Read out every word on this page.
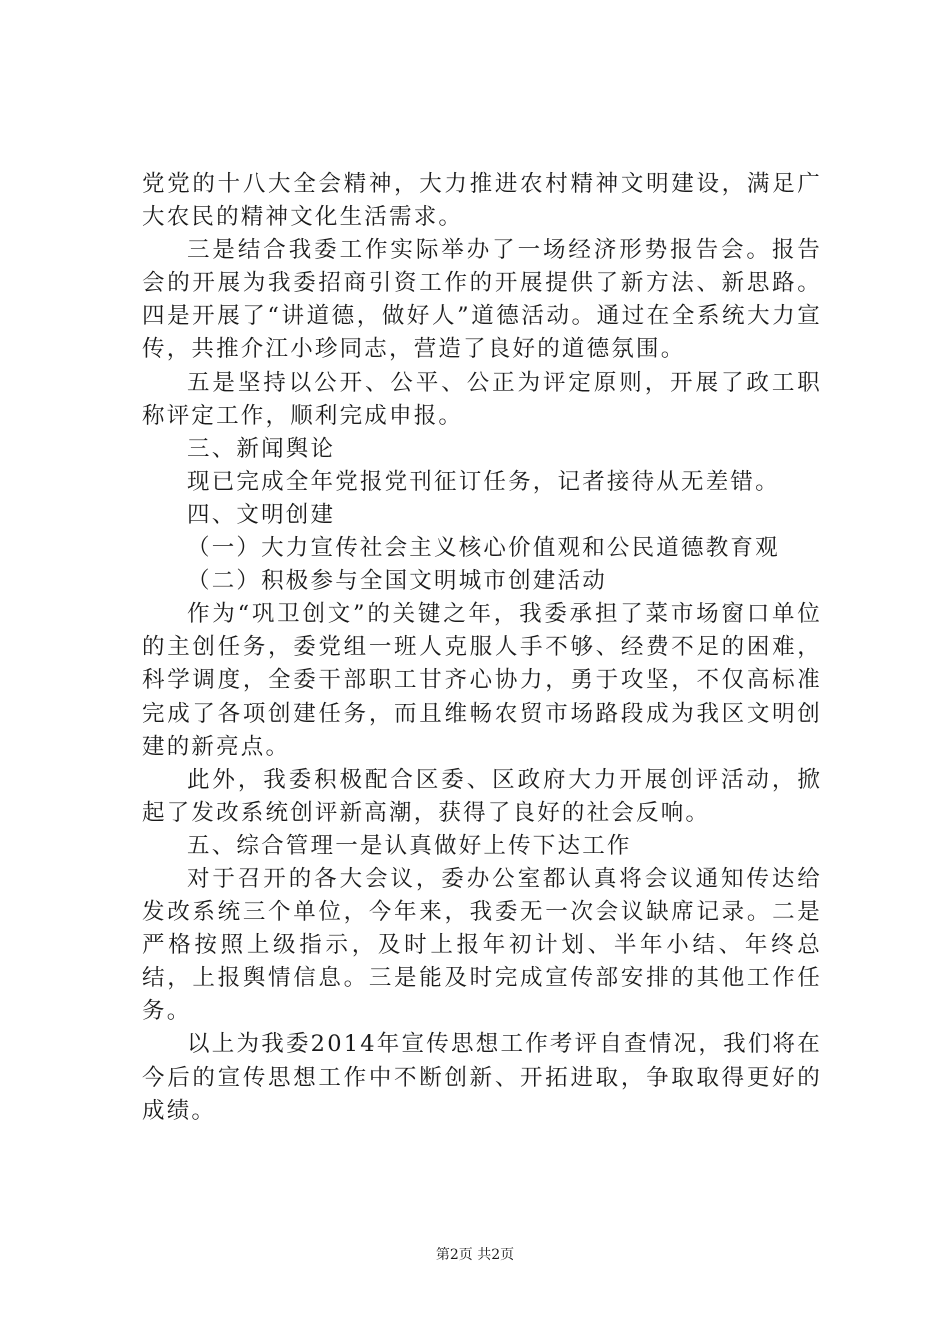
党党的十八大全会精神，大力推进农村精神文明建设，满足广大农民的精神文化生活需求。

三是结合我委工作实际举办了一场经济形势报告会。报告会的开展为我委招商引资工作的开展提供了新方法、新思路。四是开展了“讲道德，做好人”道德活动。通过在全系统大力宣传，共推介江小珍同志，营造了良好的道德氛围。

五是坚持以公开、公平、公正为评定原则，开展了政工职称评定工作，顺利完成申报。

三、新闻舆论

现已完成全年党报党刊征订任务，记者接待从无差错。

四、文明创建

（一）大力宣传社会主义核心价值观和公民道德教育观

（二）积极参与全国文明城市创建活动

作为“巩卫创文”的关键之年，我委承担了菜市场窗口单位的主创任务，委党组一班人克服人手不够、经费不足的困难，科学调度，全委干部职工甘齐心协力，勇于攻坚，不仅高标准完成了各项创建任务，而且维畅农贸市场路段成为我区文明创建的新亮点。

此外，我委积极配合区委、区政府大力开展创评活动，掀起了发改系统创评新高潮，获得了良好的社会反响。

五、综合管理一是认真做好上传下达工作

对于召开的各大会议，委办公室都认真将会议通知传达给发改系统三个单位，今年来，我委无一次会议缺席记录。二是严格按照上级指示，及时上报年初计划、半年小结、年终总结，上报舆情信息。三是能及时完成宣传部安排的其他工作任务。

以上为我委2014年宣传思想工作考评自查情况，我们将在今后的宣传思想工作中不断创新、开拓进取，争取取得更好的成绩。

第2页 共2页
